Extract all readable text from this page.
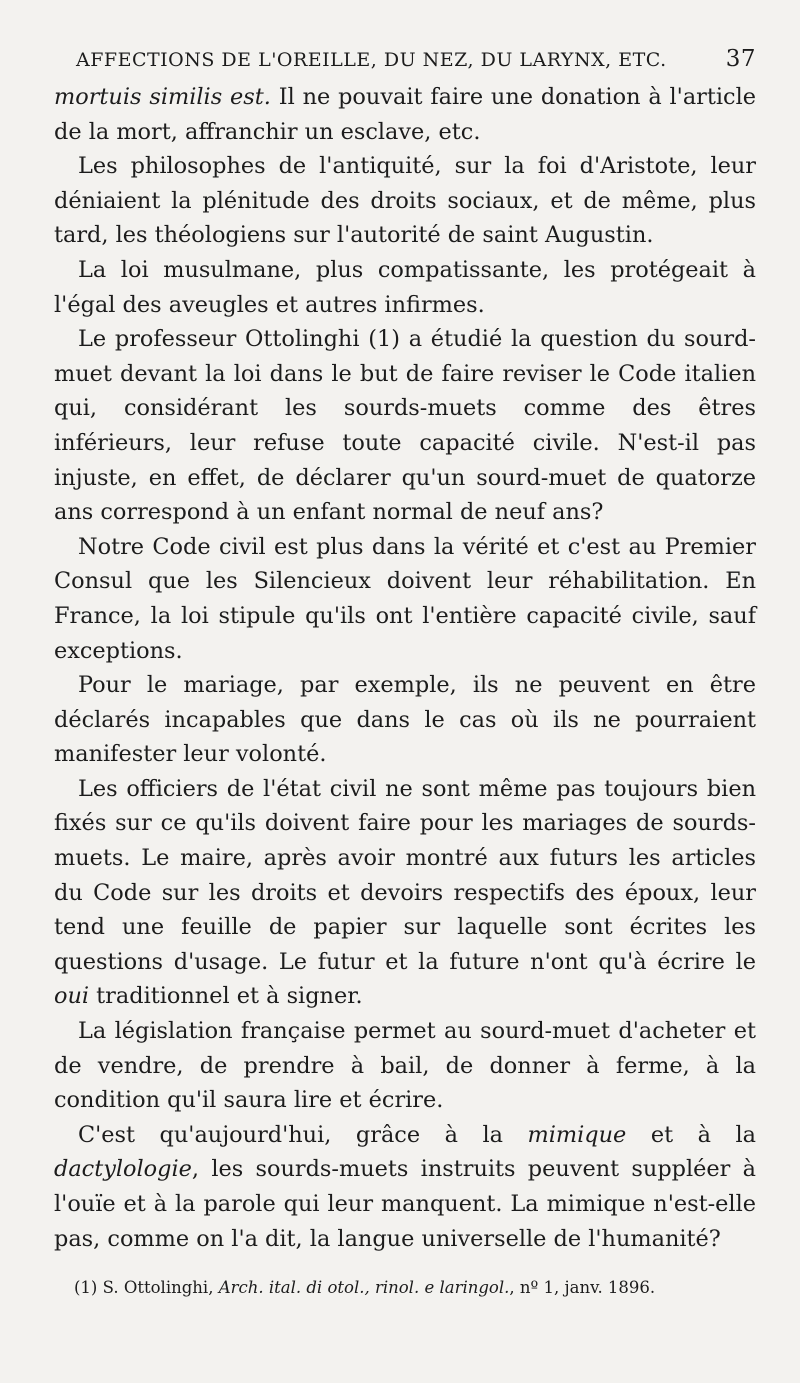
AFFECTIONS DE L'OREILLE, DU NEZ, DU LARYNX, ETC.	37

mortuis similis est. Il ne pouvait faire une donation à l'article de la mort, affranchir un esclave, etc.

Les philosophes de l'antiquité, sur la foi d'Aristote, leur déniaient la plénitude des droits sociaux, et de même, plus tard, les théologiens sur l'autorité de saint Augustin.

La loi musulmane, plus compatissante, les protégeait à l'égal des aveugles et autres infirmes.

Le professeur Ottolinghi (1) a étudié la question du sourd-muet devant la loi dans le but de faire reviser le Code italien qui, considérant les sourds-muets comme des êtres inférieurs, leur refuse toute capacité civile. N'est-il pas injuste, en effet, de déclarer qu'un sourd-muet de quatorze ans correspond à un enfant normal de neuf ans?

Notre Code civil est plus dans la vérité et c'est au Premier Consul que les Silencieux doivent leur réhabilitation. En France, la loi stipule qu'ils ont l'entière capacité civile, sauf exceptions.

Pour le mariage, par exemple, ils ne peuvent en être déclarés incapables que dans le cas où ils ne pourraient manifester leur volonté.

Les officiers de l'état civil ne sont même pas toujours bien fixés sur ce qu'ils doivent faire pour les mariages de sourds-muets. Le maire, après avoir montré aux futurs les articles du Code sur les droits et devoirs respectifs des époux, leur tend une feuille de papier sur laquelle sont écrites les questions d'usage. Le futur et la future n'ont qu'à écrire le oui traditionnel et à signer.

La législation française permet au sourd-muet d'acheter et de vendre, de prendre à bail, de donner à ferme, à la condition qu'il saura lire et écrire.

C'est qu'aujourd'hui, grâce à la mimique et à la dactylologie, les sourds-muets instruits peuvent suppléer à l'ouïe et à la parole qui leur manquent. La mimique n'est-elle pas, comme on l'a dit, la langue universelle de l'humanité?

(1) S. Ottolinghi, Arch. ital. di otol., rinol. e laringol., nº 1, janv. 1896.
